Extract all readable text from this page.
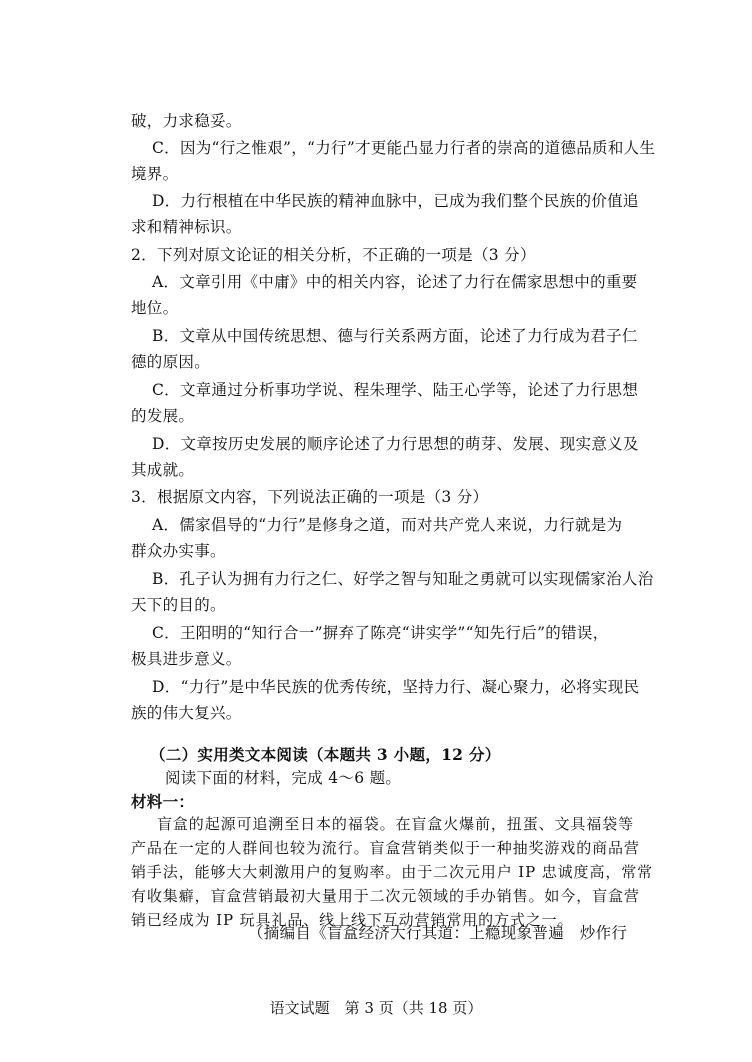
破，力求稳妥。
C．因为“行之惟艰”，“力行”才更能凸显力行者的崇高的道德品质和人生
境界。
D．力行根植在中华民族的精神血脉中，已成为我们整个民族的价值追
求和精神标识。
2．下列对原文论证的相关分析，不正确的一项是（3 分）
A．文章引用《中庸》中的相关内容，论述了力行在儒家思想中的重要
地位。
B．文章从中国传统思想、德与行关系两方面，论述了力行成为君子仁
德的原因。
C．文章通过分析事功学说、程朱理学、陆王心学等，论述了力行思想
的发展。
D．文章按历史发展的顺序论述了力行思想的萌芽、发展、现实意义及
其成就。
3．根据原文内容，下列说法正确的一项是（3 分）
A．儒家倡导的“力行”是修身之道，而对共产党人来说，力行就是为
群众办实事。
B．孔子认为拥有力行之仁、好学之智与知耻之勇就可以实现儒家治人治
天下的目的。
C．王阳明的“知行合一”摒弃了陈亮“讲实学”“知先行后”的错误，
极具进步意义。
D．“力行”是中华民族的优秀传统，坚持力行、凝心聚力，必将实现民
族的伟大复兴。
（二）实用类文本阅读（本题共 3 小题，12 分）
阅读下面的材料，完成 4～6 题。
材料一：
盲盒的起源可追溯至日本的福袋。在盲盒火爆前，扭蛋、文具福袋等
产品在一定的人群间也较为流行。盲盒营销类似于一种抽奖游戏的商品营
销手法，能够大大刺激用户的复购率。由于二次元用户 IP 忠诚度高，常常
有收集癖，盲盒营销最初大量用于二次元领域的手办销售。如今，盲盒营
销已经成为 IP 玩具礼品、线上线下互动营销常用的方式之一。
（摘编自《盲盒经济大行其道：上瘾现象普遍　炒作行
语文试题　第 3 页（共 18 页）
